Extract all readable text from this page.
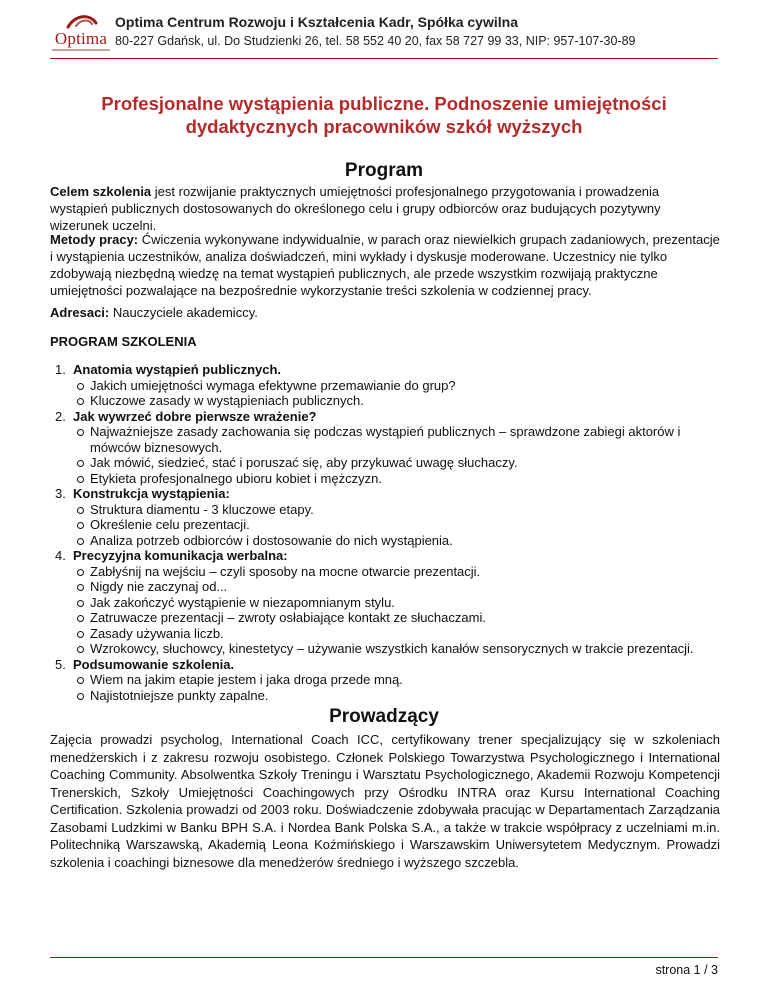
Optima
Optima Centrum Rozwoju i Kształcenia Kadr, Spółka cywilna
80-227 Gdańsk, ul. Do Studzienki 26, tel. 58 552 40 20, fax 58 727 99 33, NIP: 957-107-30-89
Profesjonalne wystąpienia publiczne. Podnoszenie umiejętności
dydaktycznych pracowników szkół wyższych
Program
Celem szkolenia jest rozwijanie praktycznych umiejętności profesjonalnego przygotowania i prowadzenia wystąpień publicznych dostosowanych do określonego celu i grupy odbiorców oraz budujących pozytywny wizerunek uczelni.
Metody pracy: Ćwiczenia wykonywane indywidualnie, w parach oraz niewielkich grupach zadaniowych, prezentacje i wystąpienia uczestników, analiza doświadczeń, mini wykłady i dyskusje moderowane. Uczestnicy nie tylko zdobywają niezbędną wiedzę na temat wystąpień publicznych, ale przede wszystkim rozwijają praktyczne umiejętności pozwalające na bezpośrednie wykorzystanie treści szkolenia w codziennej pracy.
Adresaci: Nauczyciele akademiccy.
PROGRAM SZKOLENIA
1. Anatomia wystąpień publicznych.
Jakich umiejętności wymaga efektywne przemawianie do grup?
Kluczowe zasady w wystąpieniach publicznych.
2. Jak wywrzeć dobre pierwsze wrażenie?
Najważniejsze zasady zachowania się podczas wystąpień publicznych – sprawdzone zabiegi aktorów i mówców biznesowych.
Jak mówić, siedzieć, stać i poruszać się, aby przykuwać uwagę słuchaczy.
Etykieta profesjonalnego ubioru kobiet i mężczyzn.
3. Konstrukcja wystąpienia:
Struktura diamentu - 3 kluczowe etapy.
Określenie celu prezentacji.
Analiza potrzeb odbiorców i dostosowanie do nich wystąpienia.
4. Precyzyjna komunikacja werbalna:
Zabłyśnij na wejściu – czyli sposoby na mocne otwarcie prezentacji.
Nigdy nie zaczynaj od...
Jak zakończyć wystąpienie w niezapomnianym stylu.
Zatruwacze prezentacji – zwroty osłabiające kontakt ze słuchaczami.
Zasady używania liczb.
Wzrokowcy, słuchowcy, kinestetycy – używanie wszystkich kanałów sensorycznych w trakcie prezentacji.
5. Podsumowanie szkolenia.
Wiem na jakim etapie jestem i jaka droga przede mną.
Najistotniejsze punkty zapalne.
Prowadzący
Zajęcia prowadzi psycholog, International Coach ICC, certyfikowany trener specjalizujący się w szkoleniach menedżerskich i z zakresu rozwoju osobistego. Członek Polskiego Towarzystwa Psychologicznego i International Coaching Community. Absolwentka Szkoły Treningu i Warsztatu Psychologicznego, Akademii Rozwoju Kompetencji Trenerskich, Szkoły Umiejętności Coachingowych przy Ośrodku INTRA oraz Kursu International Coaching Certification. Szkolenia prowadzi od 2003 roku. Doświadczenie zdobywała pracując w Departamentach Zarządzania Zasobami Ludzkimi w Banku BPH S.A. i Nordea Bank Polska S.A., a także w trakcie współpracy z uczelniami m.in. Politechniką Warszawską, Akademią Leona Koźmińskiego i Warszawskim Uniwersytetem Medycznym. Prowadzi szkolenia i coachingi biznesowe dla menedżerów średniego i wyższego szczebla.
strona 1 / 3
